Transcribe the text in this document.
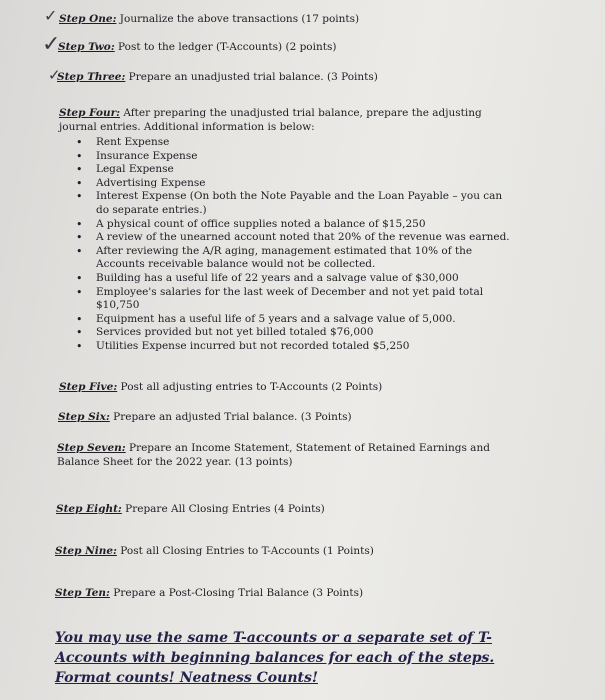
✓
✓
✓
Step One: Journalize the above transactions (17 points)
Step Two: Post to the ledger (T-Accounts) (2 points)
Step Three: Prepare an unadjusted trial balance. (3 Points)
Step Four: After preparing the unadjusted trial balance, prepare the adjusting journal entries. Additional information is below:
• Rent Expense
• Insurance Expense
• Legal Expense
• Advertising Expense
• Interest Expense (On both the Note Payable and the Loan Payable – you can do separate entries.)
• A physical count of office supplies noted a balance of $15,250
• A review of the unearned account noted that 20% of the revenue was earned.
• After reviewing the A/R aging, management estimated that 10% of the Accounts receivable balance would not be collected.
• Building has a useful life of 22 years and a salvage value of $30,000
• Employee's salaries for the last week of December and not yet paid total $10,750
• Equipment has a useful life of 5 years and a salvage value of 5,000.
• Services provided but not yet billed totaled $76,000
• Utilities Expense incurred but not recorded totaled $5,250
Step Five: Post all adjusting entries to T-Accounts (2 Points)
Step Six: Prepare an adjusted Trial balance. (3 Points)
Step Seven: Prepare an Income Statement, Statement of Retained Earnings and Balance Sheet for the 2022 year. (13 points)
Step Eight: Prepare All Closing Entries (4 Points)
Step Nine: Post all Closing Entries to T-Accounts (1 Points)
Step Ten: Prepare a Post-Closing Trial Balance (3 Points)
You may use the same T-accounts or a separate set of T-Accounts with beginning balances for each of the steps. Format counts! Neatness Counts!
